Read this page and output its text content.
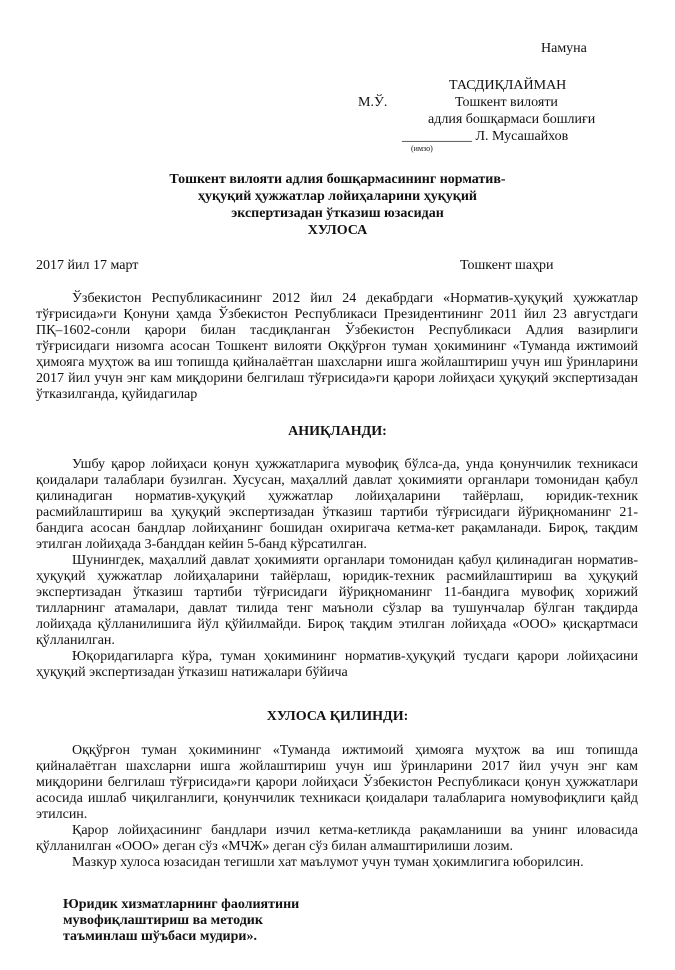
Намуна
ТАСДИҚЛАЙМАН
М.Ў.	Тошкент вилояти
адлия бошқармаси бошлиғи
__________ Л. Мусашайхов
(имзо)
Тошкент вилояти адлия бошқармасининг норматив-
ҳуқуқий ҳужжатлар лойиҳаларини ҳуқуқий
экспертизадан ўтказиш юзасидан
ХУЛОСА
2017 йил 17 март	Тошкент шаҳри

Ўзбекистон Республикасининг 2012 йил 24 декабрдаги «Норматив-ҳуқуқий ҳужжатлар тўғрисида»ги Қонуни ҳамда Ўзбекистон Республикаси Президентининг 2011 йил 23 августдаги ПҚ–1602-сонли қарори билан тасдиқланган Ўзбекистон Республикаси Адлия вазирлиги тўғрисидаги низомга асосан Тошкент вилояти Оққўрғон туман ҳокимининг «Туманда ижтимоий ҳимояга муҳтож ва иш топишда қийналаётган шахсларни ишга жойлаштириш учун иш ўринларини 2017 йил учун энг кам миқдорини белгилаш тўғрисида»ги қарори лойиҳаси ҳуқуқий экспертизадан ўтказилганда, қуйидагилар

АНИҚЛАНДИ:

Ушбу қарор лойиҳаси қонун ҳужжатларига мувофиқ бўлса-да, унда қонунчилик техникаси қоидалари талаблари бузилган. Хусусан, маҳаллий давлат ҳокимияти органлари томонидан қабул қилинадиган норматив-ҳуқуқий ҳужжатлар лойиҳаларини тайёрлаш, юридик-техник расмийлаштириш ва ҳуқуқий экспертизадан ўтказиш тартиби тўғрисидаги йўриқноманинг 21-бандига асосан бандлар лойиҳанинг бошидан охиригача кетма-кет рақамланади. Бироқ, тақдим этилган лойиҳада 3-банддан кейин 5-банд кўрсатилган.

Шунингдек, маҳаллий давлат ҳокимияти органлари томонидан қабул қилинадиган норматив-ҳуқуқий ҳужжатлар лойиҳаларини тайёрлаш, юридик-техник расмийлаштириш ва ҳуқуқий экспертизадан ўтказиш тартиби тўғрисидаги йўриқноманинг 11-бандига мувофиқ хорижий тилларнинг атамалари, давлат тилида тенг маъноли сўзлар ва тушунчалар бўлган тақдирда лойиҳада қўлланилишига йўл қўйилмайди. Бироқ тақдим этилган лойиҳада «ООО» қисқартмаси қўлланилган.

Юқоридагиларга кўра, туман ҳокимининг норматив-ҳуқуқий тусдаги қарори лойиҳасини ҳуқуқий экспертизадан ўтказиш натижалари бўйича

ХУЛОСА ҚИЛИНДИ:

Оққўрғон туман ҳокимининг «Туманда ижтимоий ҳимояга муҳтож ва иш топишда қийналаётган шахсларни ишга жойлаштириш учун иш ўринларини 2017 йил учун энг кам миқдорини белгилаш тўғрисида»ги қарори лойиҳаси Ўзбекистон Республикаси қонун ҳужжатлари асосида ишлаб чиқилганлиги, қонунчилик техникаси қоидалари талабларига номувофиқлиги қайд этилсин.

Қарор лойиҳасининг бандлари изчил кетма-кетликда рақамланиши ва унинг иловасида қўлланилган «ООО» деган сўз «МЧЖ» деган сўз билан алмаштирилиши лозим.

Мазкур хулоса юзасидан тегишли хат маълумот учун туман ҳокимлигига юборилсин.

Юридик хизматларнинг фаолиятини
мувофиқлаштириш ва методик
таъминлаш шўъбаси мудири».
